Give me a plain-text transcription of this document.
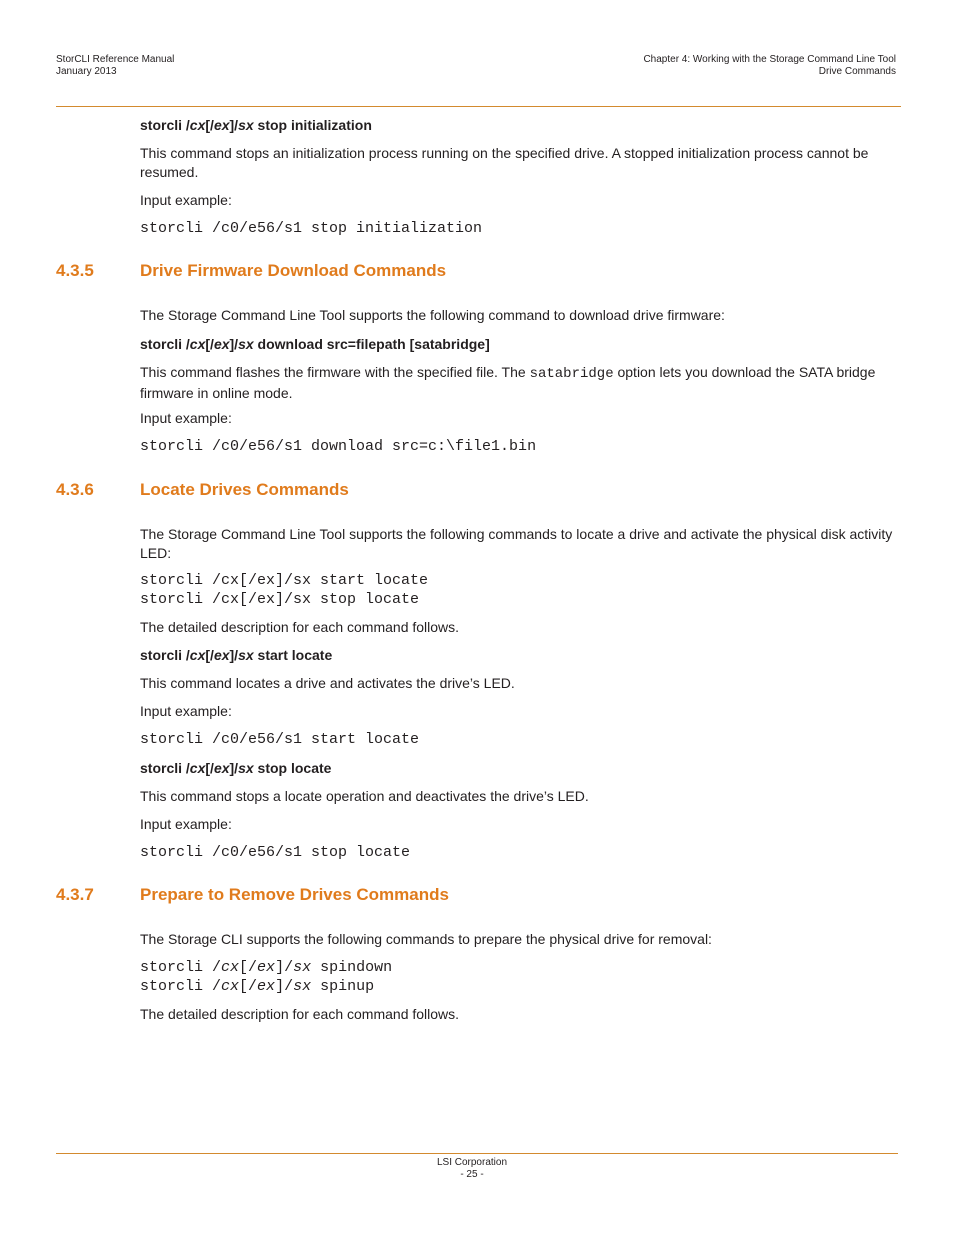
StorCLI Reference Manual
January 2013
Chapter 4: Working with the Storage Command Line Tool
Drive Commands
storcli /cx[/ex]/sx stop initialization
This command stops an initialization process running on the specified drive. A stopped initialization process cannot be resumed.
Input example:
storcli /c0/e56/s1 stop initialization
4.3.5	Drive Firmware Download Commands
The Storage Command Line Tool supports the following command to download drive firmware:
storcli /cx[/ex]/sx download src=filepath [satabridge]
This command flashes the firmware with the specified file. The satabridge option lets you download the SATA bridge firmware in online mode.
Input example:
storcli /c0/e56/s1 download src=c:\file1.bin
4.3.6	Locate Drives Commands
The Storage Command Line Tool supports the following commands to locate a drive and activate the physical disk activity LED:
storcli /cx[/ex]/sx start locate
storcli /cx[/ex]/sx stop locate
The detailed description for each command follows.
storcli /cx[/ex]/sx start locate
This command locates a drive and activates the drive’s LED.
Input example:
storcli /c0/e56/s1 start locate
storcli /cx[/ex]/sx stop locate
This command stops a locate operation and deactivates the drive’s LED.
Input example:
storcli /c0/e56/s1 stop locate
4.3.7	Prepare to Remove Drives Commands
The Storage CLI supports the following commands to prepare the physical drive for removal:
storcli /cx[/ex]/sx spindown
storcli /cx[/ex]/sx spinup
The detailed description for each command follows.
LSI Corporation
- 25 -
